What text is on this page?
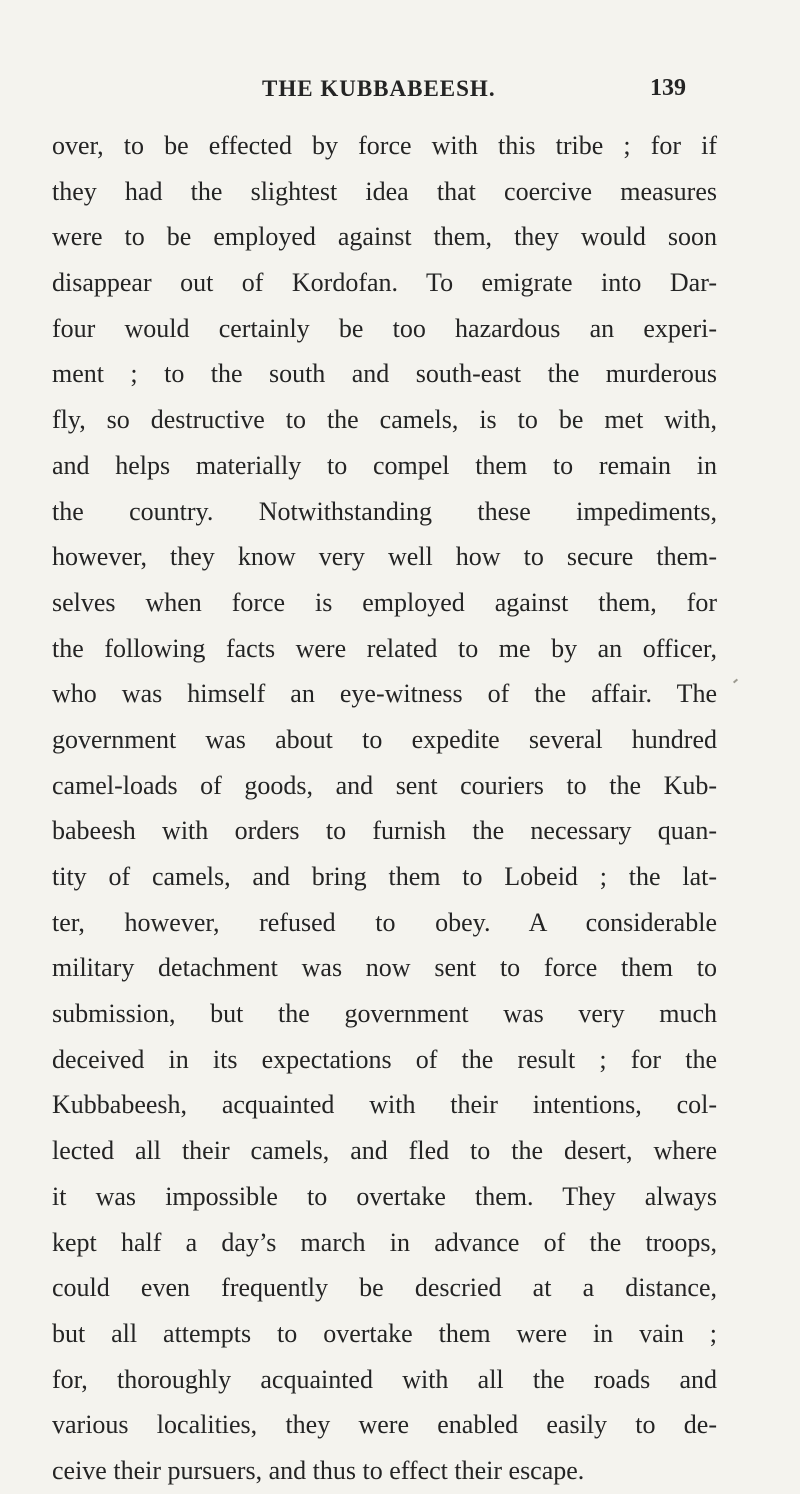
THE KUBBABEESH.	139
over, to be effected by force with this tribe ; for if
they had the slightest idea that coercive measures
were to be employed against them, they would soon
disappear out of Kordofan. To emigrate into Dar-
four would certainly be too hazardous an experi-
ment ; to the south and south-east the murderous
fly, so destructive to the camels, is to be met with,
and helps materially to compel them to remain in
the country. Notwithstanding these impediments,
however, they know very well how to secure them-
selves when force is employed against them, for
the following facts were related to me by an officer,
who was himself an eye-witness of the affair. The
government was about to expedite several hundred
camel-loads of goods, and sent couriers to the Kub-
babeesh with orders to furnish the necessary quan-
tity of camels, and bring them to Lobeid ; the lat-
ter, however, refused to obey. A considerable
military detachment was now sent to force them to
submission, but the government was very much
deceived in its expectations of the result ; for the
Kubbabeesh, acquainted with their intentions, col-
lected all their camels, and fled to the desert, where
it was impossible to overtake them. They always
kept half a day’s march in advance of the troops,
could even frequently be descried at a distance,
but all attempts to overtake them were in vain ;
for, thoroughly acquainted with all the roads and
various localities, they were enabled easily to de-
ceive their pursuers, and thus to effect their escape.
